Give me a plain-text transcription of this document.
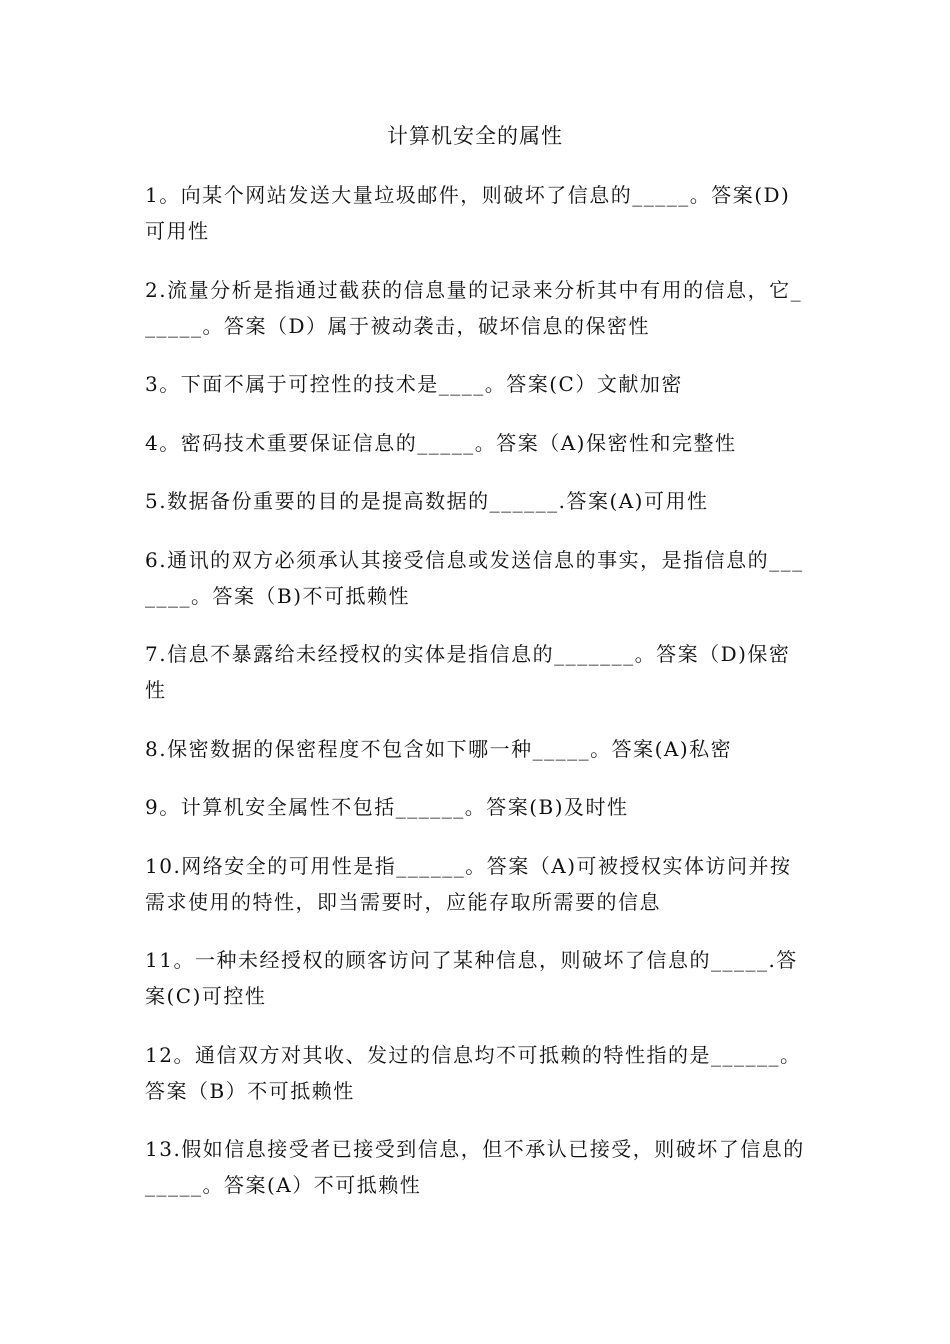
计算机安全的属性
1。向某个网站发送大量垃圾邮件，则破坏了信息的_____。答案(D)可用性
2.流量分析是指通过截获的信息量的记录来分析其中有用的信息，它______。答案（D）属于被动袭击，破坏信息的保密性
3。下面不属于可控性的技术是____。答案(C）文献加密
4。密码技术重要保证信息的_____。答案（A)保密性和完整性
5.数据备份重要的目的是提高数据的______.答案(A)可用性
6.通讯的双方必须承认其接受信息或发送信息的事实，是指信息的_______。答案（B)不可抵赖性
7.信息不暴露给未经授权的实体是指信息的_______。答案（D)保密性
8.保密数据的保密程度不包含如下哪一种_____。答案(A)私密
9。计算机安全属性不包括______。答案(B)及时性
10.网络安全的可用性是指______。答案（A)可被授权实体访问并按需求使用的特性，即当需要时，应能存取所需要的信息
11。一种未经授权的顾客访问了某种信息，则破坏了信息的_____.答案(C)可控性
12。通信双方对其收、发过的信息均不可抵赖的特性指的是______。答案（B）不可抵赖性
13.假如信息接受者已接受到信息，但不承认已接受，则破坏了信息的_____。答案(A）不可抵赖性
